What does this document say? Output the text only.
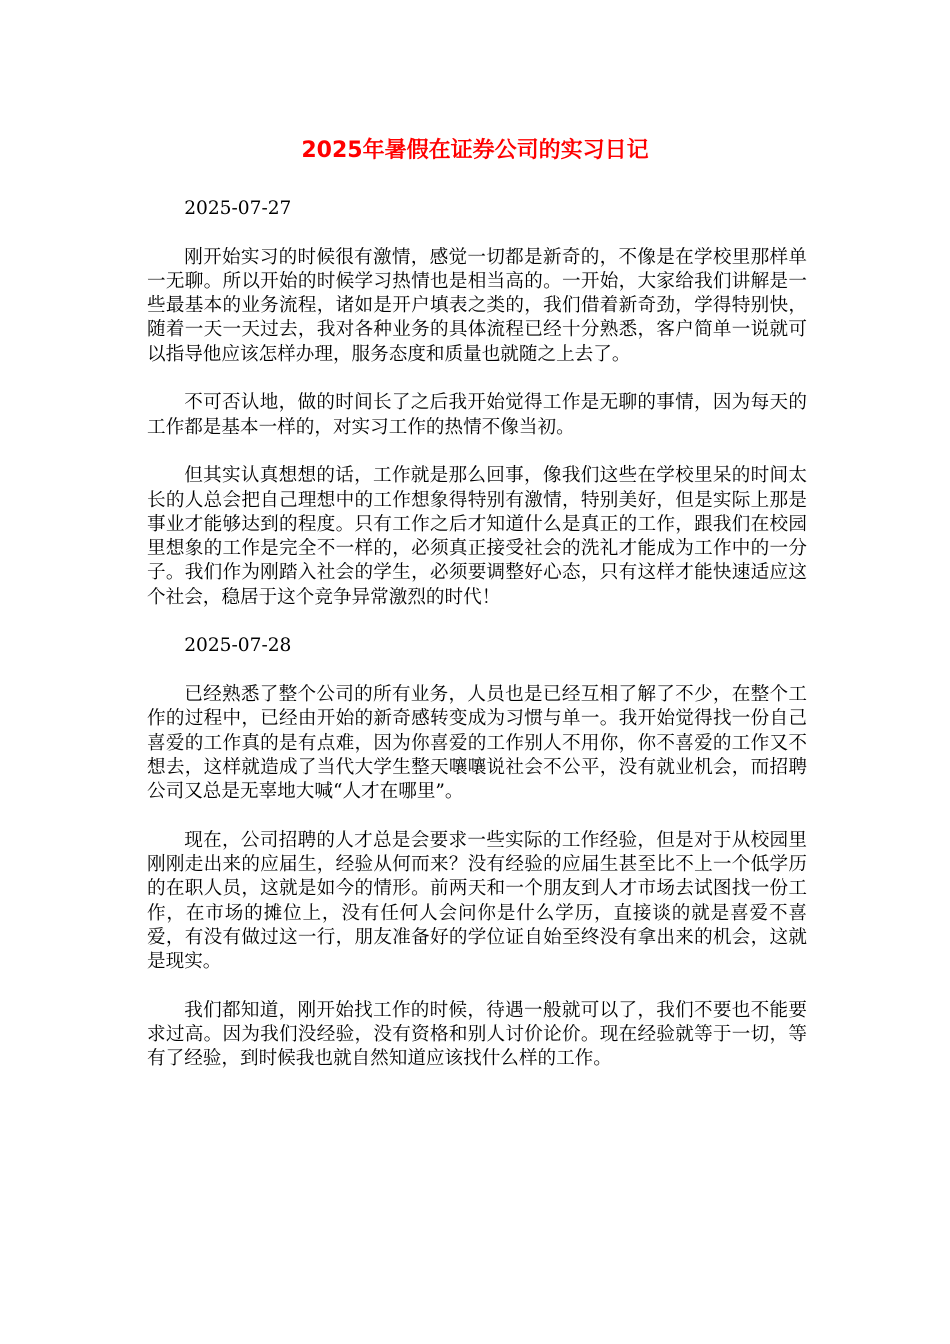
2025年暑假在证券公司的实习日记

2025-07-27

刚开始实习的时候很有激情，感觉一切都是新奇的，不像是在学校里那样单一无聊。所以开始的时候学习热情也是相当高的。一开始，大家给我们讲解是一些最基本的业务流程，诸如是开户填表之类的，我们借着新奇劲，学得特别快，随着一天一天过去，我对各种业务的具体流程已经十分熟悉，客户简单一说就可以指导他应该怎样办理，服务态度和质量也就随之上去了。

不可否认地，做的时间长了之后我开始觉得工作是无聊的事情，因为每天的工作都是基本一样的，对实习工作的热情不像当初。

但其实认真想想的话，工作就是那么回事，像我们这些在学校里呆的时间太长的人总会把自己理想中的工作想象得特别有激情，特别美好，但是实际上那是事业才能够达到的程度。只有工作之后才知道什么是真正的工作，跟我们在校园里想象的工作是完全不一样的，必须真正接受社会的洗礼才能成为工作中的一分子。我们作为刚踏入社会的学生，必须要调整好心态，只有这样才能快速适应这个社会，稳居于这个竞争异常激烈的时代！

2025-07-28

已经熟悉了整个公司的所有业务，人员也是已经互相了解了不少，在整个工作的过程中，已经由开始的新奇感转变成为习惯与单一。我开始觉得找一份自己喜爱的工作真的是有点难，因为你喜爱的工作别人不用你，你不喜爱的工作又不想去，这样就造成了当代大学生整天嚷嚷说社会不公平，没有就业机会，而招聘公司又总是无辜地大喊“人才在哪里”。

现在，公司招聘的人才总是会要求一些实际的工作经验，但是对于从校园里刚刚走出来的应届生，经验从何而来？没有经验的应届生甚至比不上一个低学历的在职人员，这就是如今的情形。前两天和一个朋友到人才市场去试图找一份工作，在市场的摊位上，没有任何人会问你是什么学历，直接谈的就是喜爱不喜爱，有没有做过这一行，朋友准备好的学位证自始至终没有拿出来的机会，这就是现实。

我们都知道，刚开始找工作的时候，待遇一般就可以了，我们不要也不能要求过高。因为我们没经验，没有资格和别人讨价论价。现在经验就等于一切，等有了经验，到时候我也就自然知道应该找什么样的工作。
